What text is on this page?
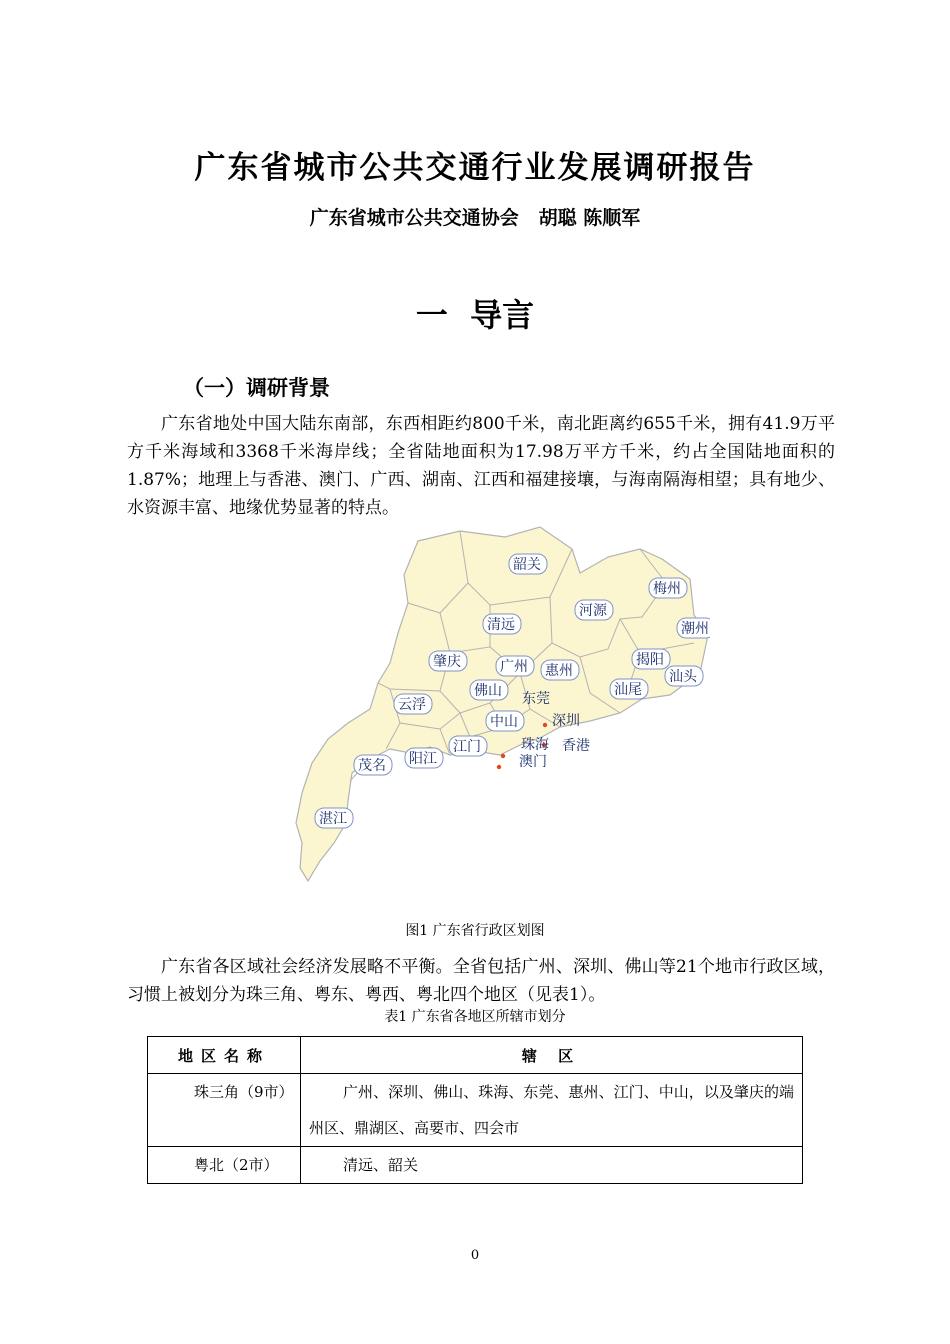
广东省城市公共交通行业发展调研报告
广东省城市公共交通协会   胡聪 陈顺军
一  导言
（一）调研背景
广东省地处中国大陆东南部，东西相距约800千米，南北距离约655千米，拥有41.9万平方千米海域和3368千米海岸线；全省陆地面积为17.98万平方千米，约占全国陆地面积的1.87%；地理上与香港、澳门、广西、湖南、江西和福建接壤，与海南隔海相望；具有地少、水资源丰富、地缘优势显著的特点。
韶关
梅州
河源
潮州
清远
揭阳
汕头
肇庆	广州 惠州
汕尾
佛山 东莞
云浮
中山 深圳
江门	珠海 香港
澳门
阳江
茂名
湛江
图1 广东省行政区划图
广东省各区域社会经济发展略不平衡。全省包括广州、深圳、佛山等21个地市行政区域，习惯上被划分为珠三角、粤东、粤西、粤北四个地区（见表1）。
表1 广东省各地区所辖市划分
地区名称	辖 区
珠三角（9市）	广州、深圳、佛山、珠海、东莞、惠州、江门、中山，以及肇庆的端州区、鼎湖区、高要市、四会市
粤北（2市）	清远、韶关
0
